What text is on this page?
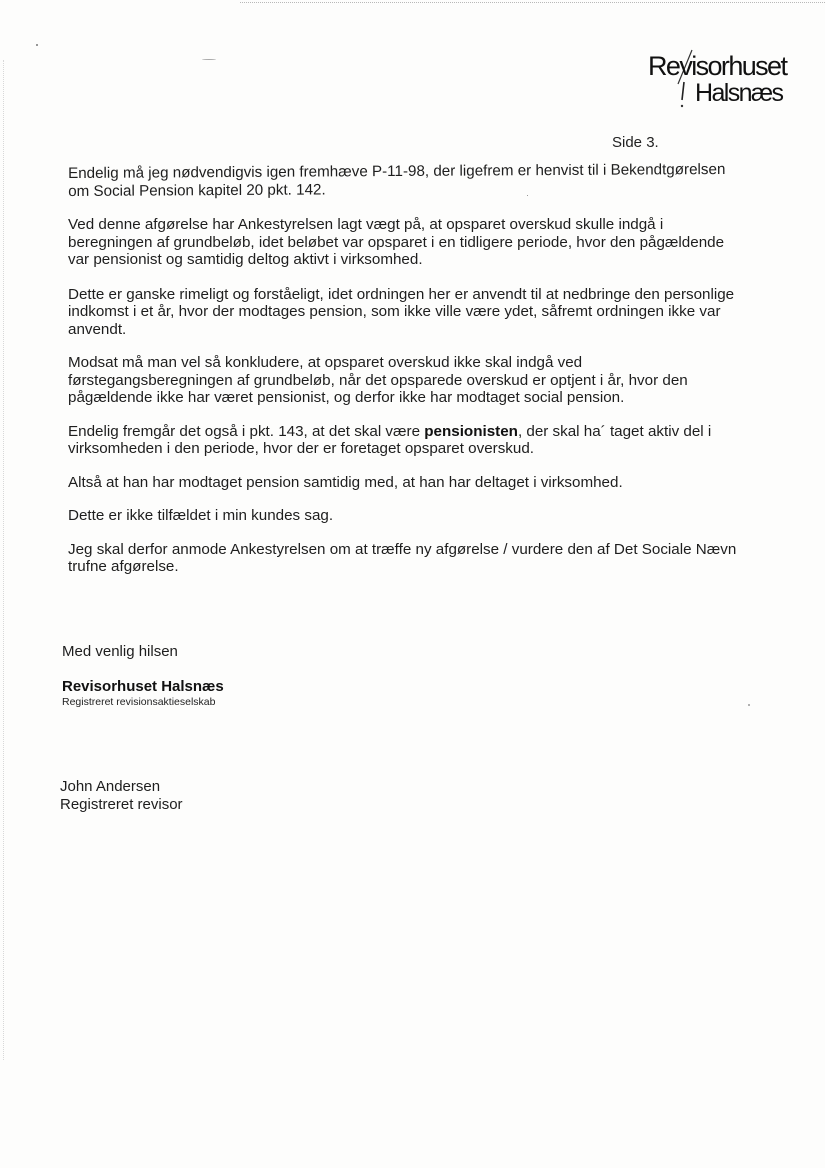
Revisorhuset
Halsnæs
Side 3.

Endelig må jeg nødvendigvis igen fremhæve P-11-98, der ligefrem er henvist til i Bekendtgørelsen om Social Pension kapitel 20 pkt. 142.

Ved denne afgørelse har Ankestyrelsen lagt vægt på, at opsparet overskud skulle indgå i beregningen af grundbeløb, idet beløbet var opsparet i en tidligere periode, hvor den pågældende var pensionist og samtidig deltog aktivt i virksomhed.

Dette er ganske rimeligt og forståeligt, idet ordningen her er anvendt til at nedbringe den personlige indkomst i et år, hvor der modtages pension, som ikke ville være ydet, såfremt ordningen ikke var anvendt.

Modsat må man vel så konkludere, at opsparet overskud ikke skal indgå ved førstegangsberegningen af grundbeløb, når det opsparede overskud er optjent i år, hvor den pågældende ikke har været pensionist, og derfor ikke har modtaget social pension.

Endelig fremgår det også i pkt. 143, at det skal være pensionisten, der skal ha´ taget aktiv del i virksomheden i den periode, hvor der er foretaget opsparet overskud.

Altså at han har modtaget pension samtidig med, at han har deltaget i virksomhed.

Dette er ikke tilfældet i min kundes sag.

Jeg skal derfor anmode Ankestyrelsen om at træffe ny afgørelse / vurdere den af Det Sociale Nævn trufne afgørelse.

Med venlig hilsen
Revisorhuset Halsnæs
Registreret revisionsaktieselskab
John Andersen
Registreret revisor
